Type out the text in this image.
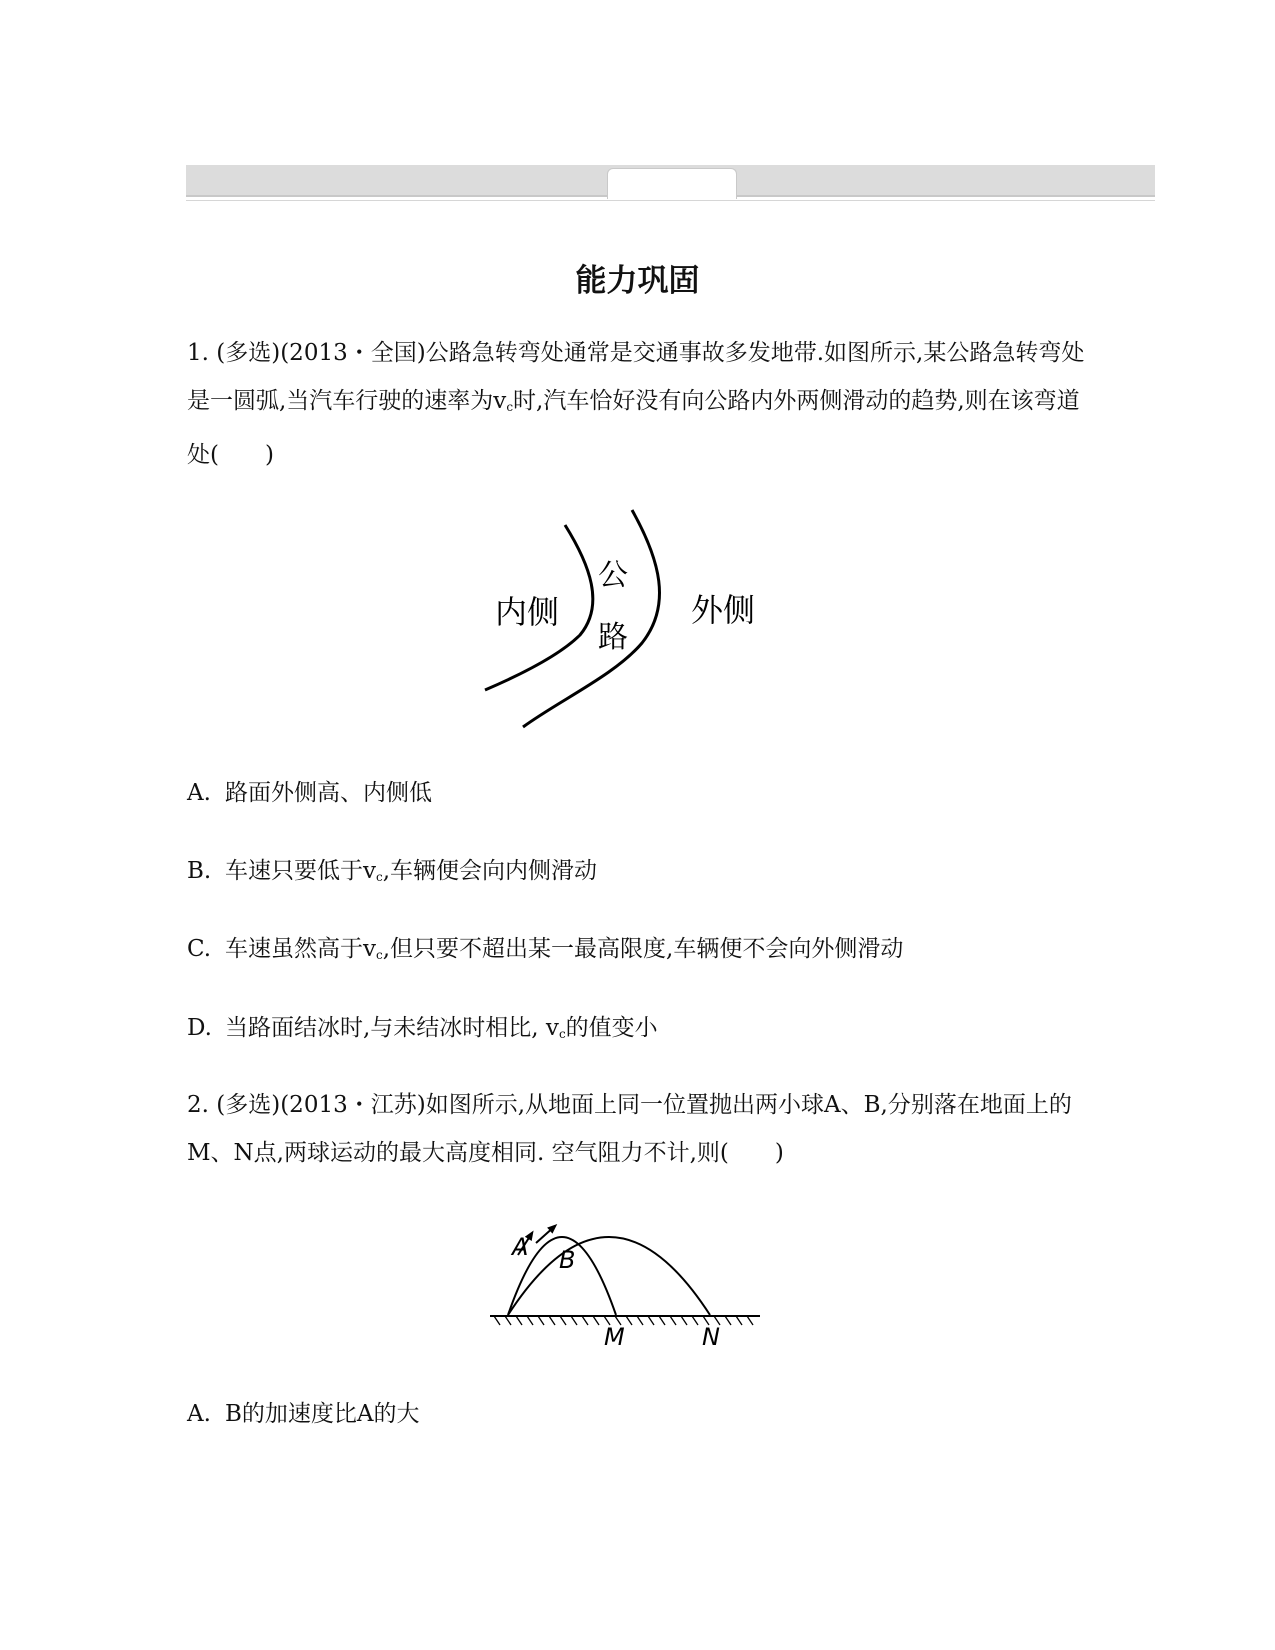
能力巩固
1. (多选)(2013・全国)公路急转弯处通常是交通事故多发地带.如图所示,某公路急转弯处是一圆弧,当汽车行驶的速率为$v_c$时,汽车恰好没有向公路内外两侧滑动的趋势,则在该弯道处(　　)
内侧
公
路
外侧
A. 路面外侧高、内侧低
B. 车速只要低于$v_c$,车辆便会向内侧滑动
C. 车速虽然高于$v_c$,但只要不超出某一最高限度,车辆便不会向外侧滑动
D. 当路面结冰时,与未结冰时相比, $v_c$的值变小
2. (多选)(2013・江苏)如图所示,从地面上同一位置抛出两小球A、B,分别落在地面上的M、N点,两球运动的最大高度相同. 空气阻力不计,则(　　)
A B
M	N
A. B的加速度比A的大
